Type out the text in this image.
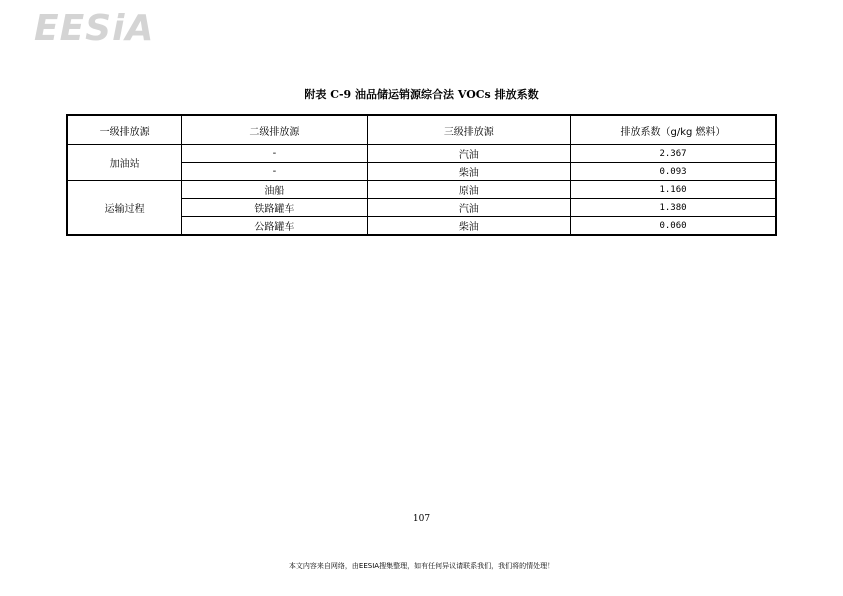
EESiA
附表 C-9 油品储运销源综合法 VOCs 排放系数
一级排放源	二级排放源	三级排放源	排放系数（g/kg 燃料）
加油站	-	汽油	2.367
	-	柴油	0.093
运输过程	油船	原油	1.160
	铁路罐车	汽油	1.380
	公路罐车	柴油	0.060
107
本文内容来自网络，由EESIA搜集整理，如有任何异议请联系我们，我们将的情处理！
